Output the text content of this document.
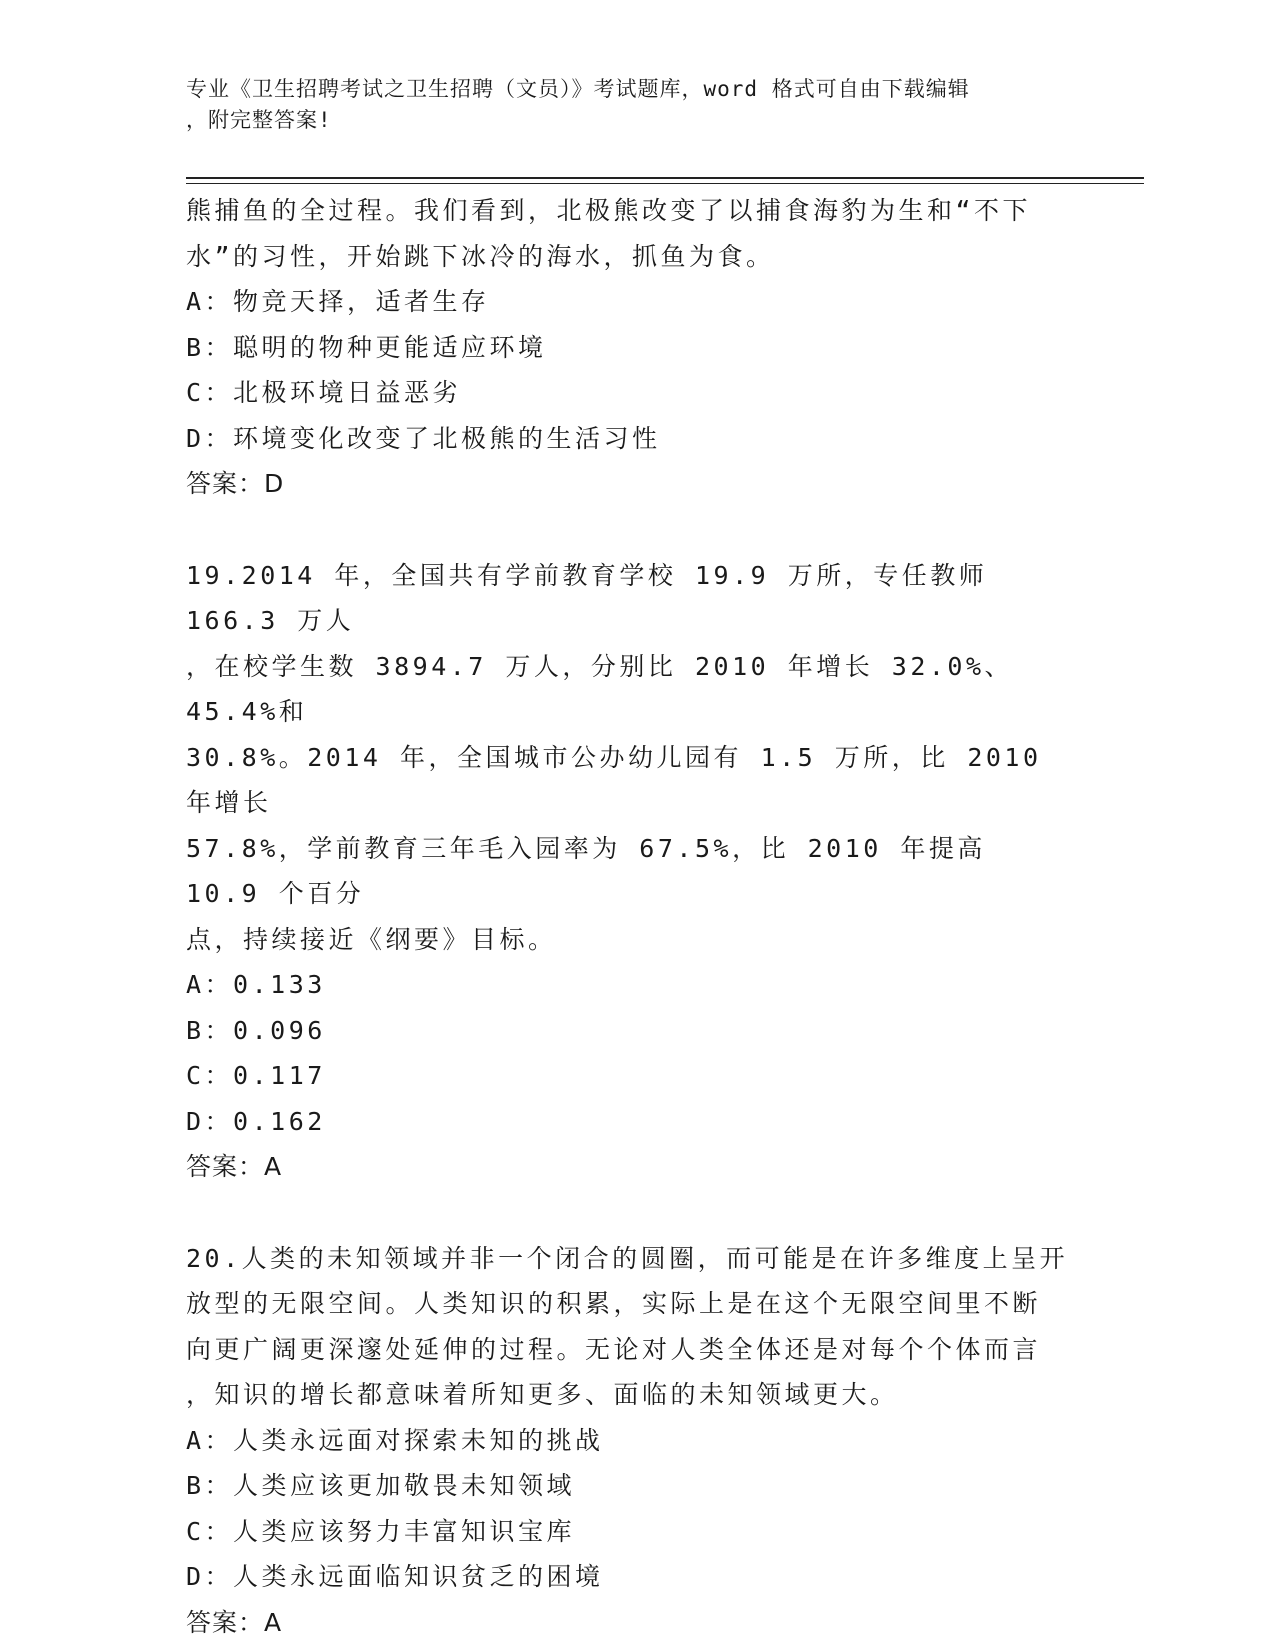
专业《卫生招聘考试之卫生招聘（文员）》考试题库，word 格式可自由下载编辑
，附完整答案!
熊捕鱼的全过程。我们看到，北极熊改变了以捕食海豹为生和“不下
水”的习性，开始跳下冰冷的海水，抓鱼为食。
A：物竞天择，适者生存
B：聪明的物种更能适应环境
C：北极环境日益恶劣
D：环境变化改变了北极熊的生活习性
答案：D
19.2014 年，全国共有学前教育学校 19.9 万所，专任教师 166.3 万人
，在校学生数 3894.7 万人，分别比 2010 年增长 32.0%、45.4%和
30.8%。2014 年，全国城市公办幼儿园有 1.5 万所，比 2010 年增长
57.8%，学前教育三年毛入园率为 67.5%，比 2010 年提高 10.9 个百分
点，持续接近《纲要》目标。
A：0.133
B：0.096
C：0.117
D：0.162
答案：A
20.人类的未知领域并非一个闭合的圆圈，而可能是在许多维度上呈开
放型的无限空间。人类知识的积累，实际上是在这个无限空间里不断
向更广阔更深邃处延伸的过程。无论对人类全体还是对每个个体而言
，知识的增长都意味着所知更多、面临的未知领域更大。
A：人类永远面对探索未知的挑战
B：人类应该更加敬畏未知领域
C：人类应该努力丰富知识宝库
D：人类永远面临知识贫乏的困境
答案：A
